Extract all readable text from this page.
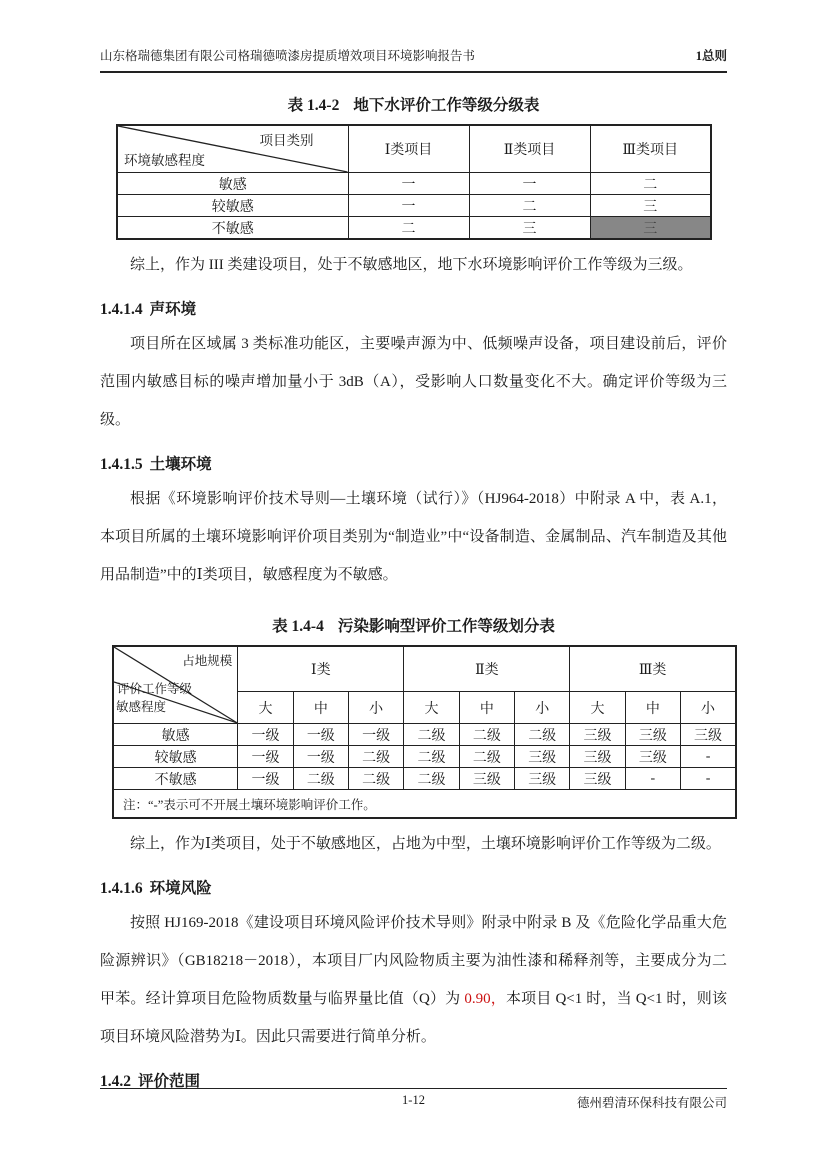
山东格瑞德集团有限公司格瑞德喷漆房提质增效项目环境影响报告书	1总则
表 1.4-2 地下水评价工作等级分级表
项目类别
环境敏感程度	Ⅰ类项目	Ⅱ类项目	Ⅲ类项目
敏感	一	一	二
较敏感	一	二	三
不敏感	二	三	三

综上，作为 III 类建设项目，处于不敏感地区，地下水环境影响评价工作等级为三级。

1.4.1.4 声环境

项目所在区域属 3 类标准功能区，主要噪声源为中、低频噪声设备，项目建设前后，评价范围内敏感目标的噪声增加量小于 3dB（A），受影响人口数量变化不大。确定评价等级为三级。

1.4.1.5 土壤环境

根据《环境影响评价技术导则—土壤环境（试行）》（HJ964-2018）中附录 A 中，表 A.1，本项目所属的土壤环境影响评价项目类别为“制造业”中“设备制造、金属制品、汽车制造及其他用品制造”中的Ⅰ类项目，敏感程度为不敏感。

表 1.4-4 污染影响型评价工作等级划分表
占地规模
评价工作等级
敏感程度	Ⅰ类			Ⅱ类			Ⅲ类		
	大	中	小	大	中	小	大	中	小
敏感	一级	一级	一级	二级	二级	二级	三级	三级	三级
较敏感	一级	一级	二级	二级	二级	三级	三级	三级	-
不敏感	一级	二级	二级	二级	三级	三级	三级	-	-
注：“-”表示可不开展土壤环境影响评价工作。									

综上，作为Ⅰ类项目，处于不敏感地区，占地为中型，土壤环境影响评价工作等级为二级。

1.4.1.6 环境风险

按照 HJ169-2018《建设项目环境风险评价技术导则》附录中附录 B 及《危险化学品重大危险源辨识》（GB18218－2018），本项目厂内风险物质主要为油性漆和稀释剂等，主要成分为二甲苯。经计算项目危险物质数量与临界量比值（Q）为 0.90，本项目 Q<1 时，当 Q<1 时，则该项目环境风险潜势为Ⅰ。因此只需要进行简单分析。

1.4.2 评价范围
1-12	德州碧清环保科技有限公司
